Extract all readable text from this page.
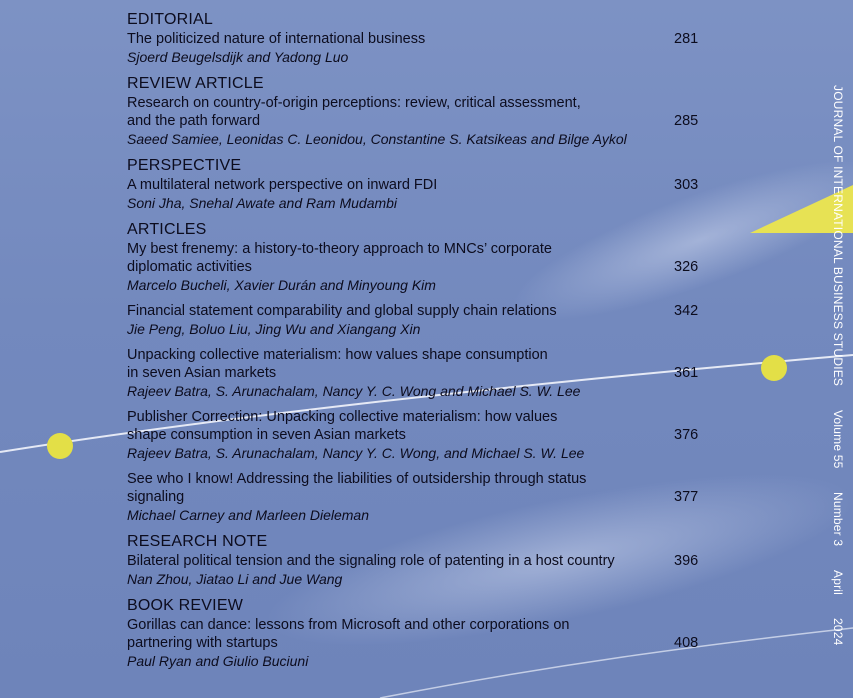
EDITORIAL
The politicized nature of international business
Sjoerd Beugelsdijk and Yadong Luo
281
REVIEW ARTICLE
Research on country-of-origin perceptions: review, critical assessment,
and the path forward
Saeed Samiee, Leonidas C. Leonidou, Constantine S. Katsikeas and Bilge Aykol
285
PERSPECTIVE
A multilateral network perspective on inward FDI
Soni Jha, Snehal Awate and Ram Mudambi
303
ARTICLES
My best frenemy: a history-to-theory approach to MNCs’ corporate
diplomatic activities
Marcelo Bucheli, Xavier Durán and Minyoung Kim
326
Financial statement comparability and global supply chain relations
Jie Peng, Boluo Liu, Jing Wu and Xiangang Xin
342
Unpacking collective materialism: how values shape consumption
in seven Asian markets
Rajeev Batra, S. Arunachalam, Nancy Y. C. Wong and Michael S. W. Lee
361
Publisher Correction: Unpacking collective materialism: how values
shape consumption in seven Asian markets
Rajeev Batra, S. Arunachalam, Nancy Y. C. Wong, and Michael S. W. Lee
376
See who I know! Addressing the liabilities of outsidership through status
signaling
Michael Carney and Marleen Dieleman
377
RESEARCH NOTE
Bilateral political tension and the signaling role of patenting in a host country
Nan Zhou, Jiatao Li and Jue Wang
396
BOOK REVIEW
Gorillas can dance: lessons from Microsoft and other corporations on
partnering with startups
Paul Ryan and Giulio Buciuni
408
JOURNAL OF INTERNATIONAL BUSINESS STUDIES Volume 55 Number 3 April 2024
